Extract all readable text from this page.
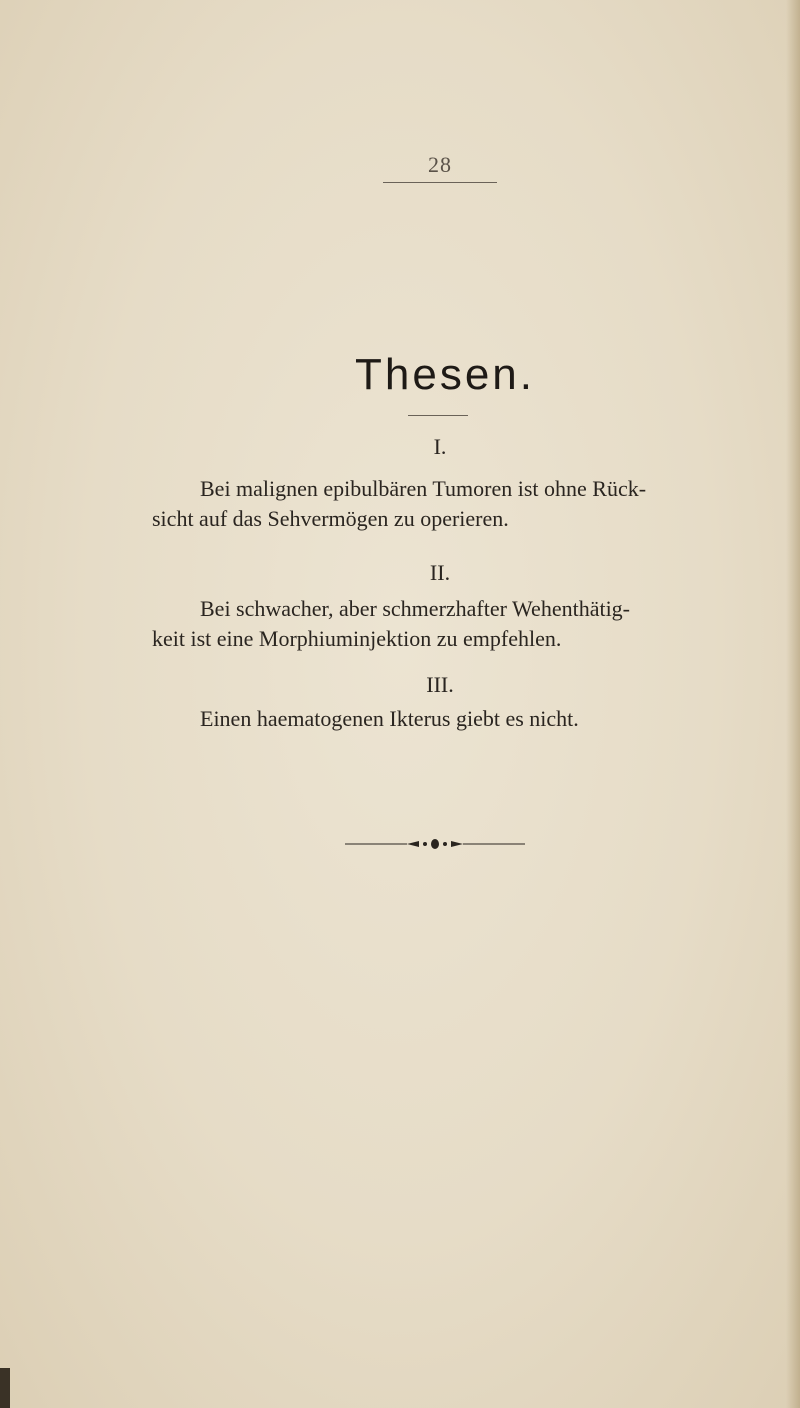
28
Thesen.
I.
Bei malignen epibulbären Tumoren ist ohne Rück-
sicht auf das Sehvermögen zu operieren.
II.
Bei schwacher, aber schmerzhafter Wehenthätig-
keit ist eine Morphiuminjektion zu empfehlen.
III.
Einen haematogenen Ikterus giebt es nicht.
